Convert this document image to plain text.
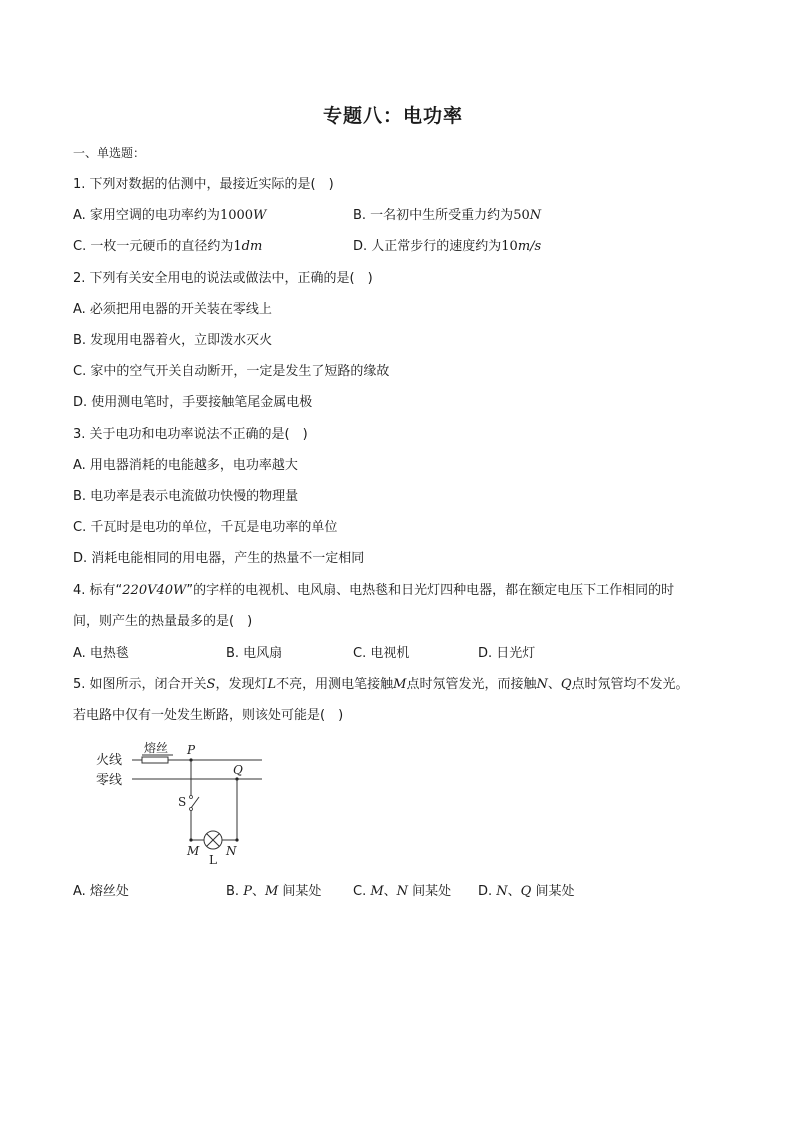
专题八：电功率
一、单选题：
1. 下列对数据的估测中，最接近实际的是(　)
A. 家用空调的电功率约为1000W	B. 一名初中生所受重力约为50N
C. 一枚一元硬币的直径约为1dm	D. 人正常步行的速度约为10m/s
2. 下列有关安全用电的说法或做法中，正确的是(　)
A. 必须把用电器的开关装在零线上
B. 发现用电器着火，立即泼水灭火
C. 家中的空气开关自动断开，一定是发生了短路的缘故
D. 使用测电笔时，手要接触笔尾金属电极
3. 关于电功和电功率说法不正确的是(　)
A. 用电器消耗的电能越多，电功率越大
B. 电功率是表示电流做功快慢的物理量
C. 千瓦时是电功的单位，千瓦是电功率的单位
D. 消耗电能相同的用电器，产生的热量不一定相同
4. 标有“220V40W”的字样的电视机、电风扇、电热毯和日光灯四种电器，都在额定电压下工作相同的时
间，则产生的热量最多的是(　)
A. 电热毯	B. 电风扇	C. 电视机	D. 日光灯
5. 如图所示，闭合开关S，发现灯L不亮，用测电笔接触M点时氖管发光，而接触N、Q点时氖管均不发光。
若电路中仅有一处发生断路，则该处可能是(　)
火线
零线
熔丝 P
Q
S
M N
L
A. 熔丝处	B. P、M 间某处 C. M、N 间某处 D. N、Q 间某处
